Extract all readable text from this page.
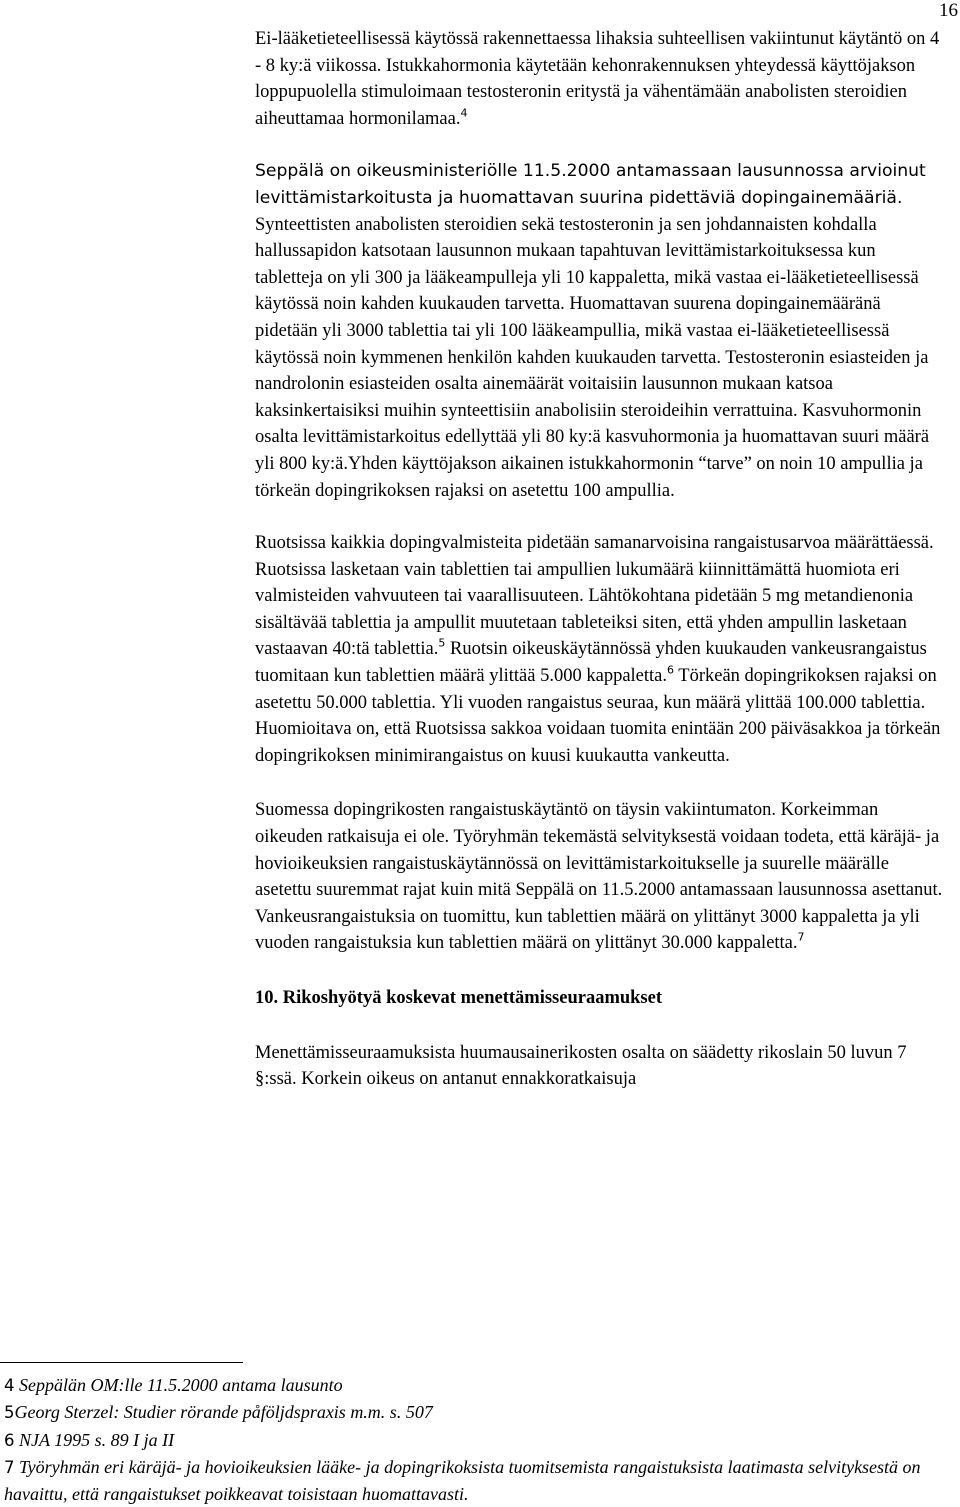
16

Ei-lääketieteellisessä käytössä rakennettaessa lihaksia suhteellisen vakiintunut käytäntö on 4 - 8 ky:ä viikossa. Istukkahormonia käytetään kehonrakennuksen yhteydessä käyttöjakson loppupuolella stimuloimaan testosteronin eritystä ja vähentämään anabolisten steroidien aiheuttamaa hormonilamaa.$^4$

Seppälä on oikeusministeriölle 11.5.2000 antamassaan lausunnossa arvioinut levittämistarkoitusta ja huomattavan suurina pidettäviä dopingainemääriä. Synteettisten anabolisten steroidien sekä testosteronin ja sen johdannaisten kohdalla hallussapidon katsotaan lausunnon mukaan tapahtuvan levittämistarkoituksessa kun tabletteja on yli 300 ja lääkeampulleja yli 10 kappaletta, mikä vastaa ei-lääketieteellisessä käytössä noin kahden kuukauden tarvetta. Huomattavan suurena dopingainemääränä pidetään yli 3000 tablettia tai yli 100 lääkeampullia, mikä vastaa ei-lääketieteellisessä käytössä noin kymmenen henkilön kahden kuukauden tarvetta. Testosteronin esiasteiden ja nandrolonin esiasteiden osalta ainemäärät voitaisiin lausunnon mukaan katsoa kaksinkertaisiksi muihin synteettisiin anabolisiin steroideihin verrattuina. Kasvuhormonin osalta levittämistarkoitus edellyttää yli 80 ky:ä kasvuhormonia ja huomattavan suuri määrä yli 800 ky:ä.Yhden käyttöjakson aikainen istukkahormonin “tarve” on noin 10 ampullia ja törkeän dopingrikoksen rajaksi on asetettu 100 ampullia.

Ruotsissa kaikkia dopingvalmisteita pidetään samanarvoisina rangaistusarvoa määrättäessä. Ruotsissa lasketaan vain tablettien tai ampullien lukumäärä kiinnittämättä huomiota eri valmisteiden vahvuuteen tai vaarallisuuteen. Lähtökohtana pidetään 5 mg metandienonia sisältävää tablettia ja ampullit muutetaan tableteiksi siten, että yhden ampullin lasketaan vastaavan 40:tä tablettia.$^5$ Ruotsin oikeuskäytännössä yhden kuukauden vankeusrangaistus tuomitaan kun tablettien määrä ylittää 5.000 kappaletta.$^6$ Törkeän dopingrikoksen rajaksi on asetettu 50.000 tablettia. Yli vuoden rangaistus seuraa, kun määrä ylittää 100.000 tablettia. Huomioitava on, että Ruotsissa sakkoa voidaan tuomita enintään 200 päiväsakkoa ja törkeän dopingrikoksen minimirangaistus on kuusi kuukautta vankeutta.

Suomessa dopingrikosten rangaistuskäytäntö on täysin vakiintumaton. Korkeimman oikeuden ratkaisuja ei ole. Työryhmän tekemästä selvityksestä voidaan todeta, että käräjä- ja hovioikeuksien rangaistuskäytännössä on levittämistarkoitukselle ja suurelle määrälle asetettu suuremmat rajat kuin mitä Seppälä on 11.5.2000 antamassaan lausunnossa asettanut. Vankeusrangaistuksia on tuomittu, kun tablettien määrä on ylittänyt 3000 kappaletta ja yli vuoden rangaistuksia kun tablettien määrä on ylittänyt 30.000 kappaletta.$^7$

10. Rikoshyötyä koskevat menettämisseuraamukset

Menettämisseuraamuksista huumausainerikosten osalta on säädetty rikoslain 50 luvun 7 §:ssä. Korkein oikeus on antanut ennakkoratkaisuja

4 Seppälän OM:lle 11.5.2000 antama lausunto

5Georg Sterzel: Studier rörande påföljdspraxis m.m. s. 507

6 NJA 1995 s. 89 I ja II

7 Työryhmän eri käräjä- ja hovioikeuksien lääke- ja dopingrikoksista tuomitsemista rangaistuksista laatimasta selvityksestä on havaittu, että rangaistukset poikkeavat toisistaan huomattavasti.
